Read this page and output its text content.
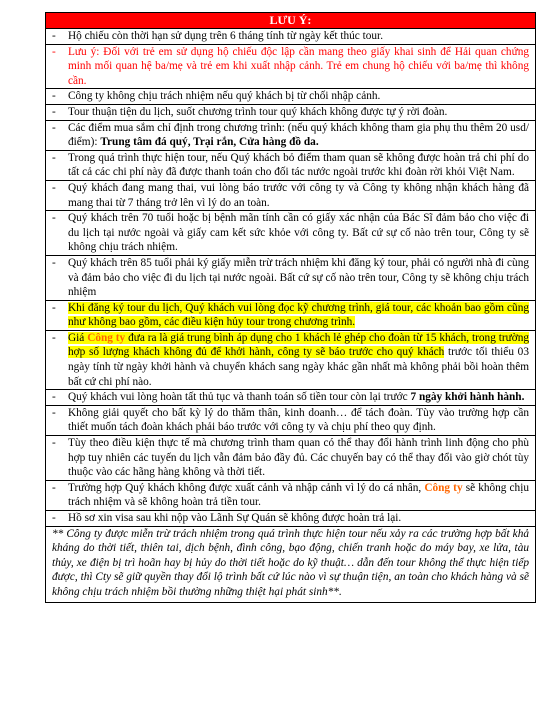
LƯU Ý:
- Hộ chiếu còn thời hạn sử dụng trên 6 tháng tính từ ngày kết thúc tour.
- Lưu ý: Đối với trẻ em sử dụng hộ chiếu độc lập cần mang theo giấy khai sinh để Hải quan chứng minh mối quan hệ ba/mẹ và trẻ em khi xuất nhập cảnh. Trẻ em chung hộ chiếu với ba/mẹ thì không cần.
- Công ty không chịu trách nhiệm nếu quý khách bị từ chối nhập cảnh.
- Tour thuận tiện du lịch, suốt chương trình tour quý khách không được tự ý rời đoàn.
- Các điểm mua sắm chỉ định trong chương trình: (nếu quý khách không tham gia phụ thu thêm 20 usd/điểm): Trung tâm đá quý, Trại rắn, Cửa hàng đồ da.
- Trong quá trình thực hiện tour, nếu Quý khách bỏ điểm tham quan sẽ không được hoàn trả chi phí do tất cả các chi phí này đã được thanh toán cho đối tác nước ngoài trước khi đoàn rời khỏi Việt Nam.
- Quý khách đang mang thai, vui lòng báo trước với công ty và Công ty không nhận khách hàng đã mang thai từ 7 tháng trở lên vì lý do an toàn.
- Quý khách trên 70 tuổi hoặc bị bệnh mãn tính cần có giấy xác nhận của Bác Sĩ đảm bảo cho việc đi du lịch tại nước ngoài và giấy cam kết sức khỏe với công ty. Bất cứ sự cố nào trên tour, Công ty sẽ không chịu trách nhiệm.
- Quý khách trên 85 tuổi phải ký giấy miễn trừ trách nhiệm khi đăng ký tour, phải có người nhà đi cùng và đảm bảo cho việc đi du lịch tại nước ngoài. Bất cứ sự cố nào trên tour, Công ty sẽ không chịu trách nhiệm
- Khi đăng ký tour du lịch, Quý khách vui lòng đọc kỹ chương trình, giá tour, các khoản bao gồm cũng như không bao gồm, các điều kiện hủy tour trong chương trình.
- Giá Công ty đưa ra là giá trung bình áp dụng cho 1 khách lẻ ghép cho đoàn từ 15 khách, trong trường hợp số lượng khách không đủ để khởi hành, công ty sẽ báo trước cho quý khách trước tối thiểu 03 ngày tính từ ngày khởi hành và chuyển khách sang ngày khác gần nhất mà không phải bồi hoàn thêm bất cứ chi phí nào.
- Quý khách vui lòng hoàn tất thủ tục và thanh toán số tiền tour còn lại trước 7 ngày khởi hành hành.
- Không giải quyết cho bất kỳ lý do thăm thân, kinh doanh… để tách đoàn. Tùy vào trường hợp cần thiết muốn tách đoàn khách phải báo trước với công ty và chịu phí theo quy định.
- Tùy theo điều kiện thực tế mà chương trình tham quan có thể thay đổi hành trình linh động cho phù hợp tuy nhiên các tuyến du lịch vẫn đảm bảo đầy đủ. Các chuyến bay có thể thay đổi vào giờ chót tùy thuộc vào các hãng hàng không và thời tiết.
- Trường hợp Quý khách không được xuất cảnh và nhập cảnh vì lý do cá nhân, Công ty sẽ không chịu trách nhiệm và sẽ không hoàn trả tiền tour.
- Hồ sơ xin visa sau khi nộp vào Lãnh Sự Quán sẽ không được hoàn trả lại.
** Công ty được miễn trừ trách nhiệm trong quá trình thực hiện tour nếu xảy ra các trường hợp bất khả kháng do thời tiết, thiên tai, dịch bệnh, đình công, bạo động, chiến tranh hoặc do máy bay, xe lửa, tàu thủy, xe điện bị trì hoãn hay bị hủy do thời tiết hoặc do kỹ thuật… dẫn đến tour không thể thực hiện tiếp được, thì Cty sẽ giữ quyền thay đổi lộ trình bất cứ lúc nào vì sự thuận tiện, an toàn cho khách hàng và sẽ không chịu trách nhiệm bồi thường những thiệt hại phát sinh**.
